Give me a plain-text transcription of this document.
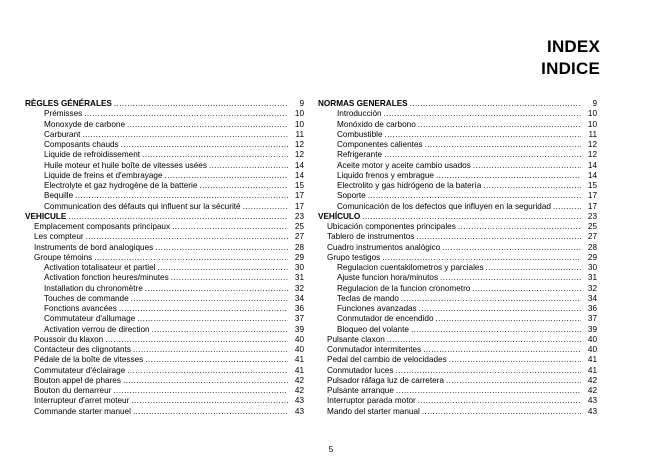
INDEX
INDICE
RÈGLES GÉNÉRALES .....	9
Prémisses .....	10
Monoxyde de carbone .....	10
Carburant .....	11
Composants chauds .....	12
Liquide de refroidissement .....	12
Huile moteur et huile boîte de vitesses usées .....	14
Liquide de freins et d'embrayage .....	14
Electrolyte et gaz hydrogène de la batterie .....	15
Bequille .....	17
Communication des défauts qui influent sur la sécurité .....	17
VEHICULE .....	23
Emplacement composants principaux .....	25
Les compteur .....	27
Instruments de bord analogiques .....	28
Groupe témoins .....	29
Activation totalisateur et partiel .....	30
Activation fonction heures/minutes .....	31
Installation du chronomètre .....	32
Touches de commande .....	34
Fonctions avancées .....	36
Commutateur d'allumage .....	37
Activation verrou de direction .....	39
Poussoir du klaxon .....	40
Contacteur des clignotants .....	40
Pédale de la boîte de vitesses .....	41
Commutateur d'éclairage .....	41
Bouton appel de phares .....	42
Bouton du demarreur .....	42
Interrupteur d'arret moteur .....	43
Commande starter manuel .....	43
NORMAS GENERALES .....	9
Introducción .....	10
Monóxido de carbono .....	10
Combustible .....	11
Componentes calientes .....	12
Refrigerante .....	12
Aceite motor y aceite cambio usados .....	14
Liquido frenos y embrague .....	14
Electrolito y gas hidrógeno de la batería .....	15
Soporte .....	17
Comunicación de los defectos que influyen en la seguridad .....	17
VEHÍCULO .....	23
Ubicación componentes principales .....	25
Tablero de instrumentos .....	27
Cuadro instrumentos analógico .....	28
Grupo testigos .....	29
Regulacion cuentakilometros y parciales .....	30
Ajuste funcion hora/minutos .....	31
Regulacion de la funcion cronometro .....	32
Teclas de mando .....	34
Funciones avanzadas .....	36
Conmutador de encendido .....	37
Bloqueo del volante .....	39
Pulsante claxon .....	40
Conmutador intermitentes .....	40
Pedal del cambio de velocidades .....	41
Conmutador luces .....	41
Pulsador ráfaga luz de carretera .....	42
Pulsante arranque .....	42
Interruptor parada motor .....	43
Mando del starter manual .....	43
5
